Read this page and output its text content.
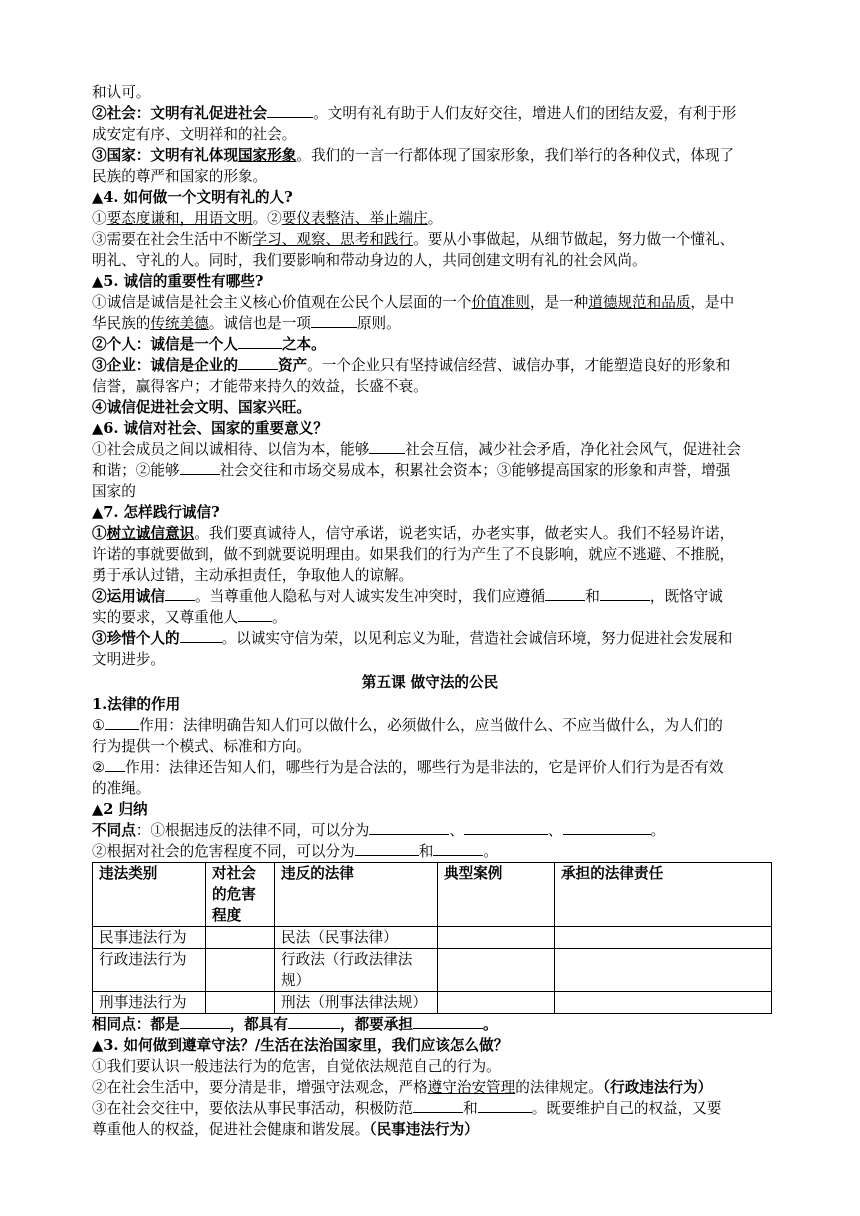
和认可。
②社会：文明有礼促进社会	。文明有礼有助于人们友好交往，增进人们的团结友爱，有利于形
成安定有序、文明祥和的社会。
③国家：文明有礼体现国家形象。我们的一言一行都体现了国家形象，我们举行的各种仪式，体现了
民族的尊严和国家的形象。
▲4. 如何做一个文明有礼的人?
①要态度谦和，用语文明。②要仪表整洁、举止端庄。
③需要在社会生活中不断学习、观察、思考和践行。要从小事做起，从细节做起，努力做一个懂礼、
明礼、守礼的人。同时，我们要影响和带动身边的人，共同创建文明有礼的社会风尚。
▲5. 诚信的重要性有哪些?
①诚信是诚信是社会主义核心价值观在公民个人层面的一个价值准则，是一种道德规范和品质，是中
华民族的传统美德。诚信也是一项	原则。
②个人：诚信是一个人	之本。
③企业：诚信是企业的	资产。一个企业只有坚持诚信经营、诚信办事，才能塑造良好的形象和
信誉，赢得客户；才能带来持久的效益，长盛不衰。
④诚信促进社会文明、国家兴旺。
▲6. 诚信对社会、国家的重要意义？
①社会成员之间以诚相待、以信为本，能够 社会互信，减少社会矛盾，净化社会风气，促进社会
和谐；②能够	社会交往和市场交易成本，积累社会资本；③能够提高国家的形象和声誉，增强
国家的
▲7. 怎样践行诚信?
①树立诚信意识。我们要真诚待人，信守承诺，说老实话，办老实事，做老实人。我们不轻易许诺，
许诺的事就要做到，做不到就要说明理由。如果我们的行为产生了不良影响，就应不逃避、不推脱，
勇于承认过错，主动承担责任，争取他人的谅解。
②运用诚信 。当尊重他人隐私与对人诚实发生冲突时，我们应遵循	和	，既恪守诚
实的要求，又尊重他人 。
③珍惜个人的	。以诚实守信为荣，以见利忘义为耻，营造社会诚信环境，努力促进社会发展和
文明进步。
第五课 做守法的公民
1.法律的作用
① 作用：法律明确告知人们可以做什么，必须做什么，应当做什么、不应当做什么，为人们的
行为提供一个模式、标准和方向。
② 作用：法律还告知人们，哪些行为是合法的，哪些行为是非法的，它是评价人们行为是否有效
的准绳。
▲2 归纳
不同点：①根据违反的法律不同，可以分为	、	、	。
②根据对社会的危害程度不同，可以分为	和	。
违法类别	对社会的危害程度	违反的法律	典型案例	承担的法律责任
民事违法行为		民法（民事法律）		
行政违法行为		行政法（行政法律法规）		
刑事违法行为		刑法（刑事法律法规）		
相同点：都是	，都具有	，都要承担	。
▲3. 如何做到遵章守法？/生活在法治国家里，我们应该怎么做？
①我们要认识一般违法行为的危害，自觉依法规范自己的行为。
②在社会生活中，要分清是非，增强守法观念，严格遵守治安管理的法律规定。（行政违法行为）
③在社会交往中，要依法从事民事活动，积极防范	和	。既要维护自己的权益，又要
尊重他人的权益，促进社会健康和谐发展。（民事违法行为）
